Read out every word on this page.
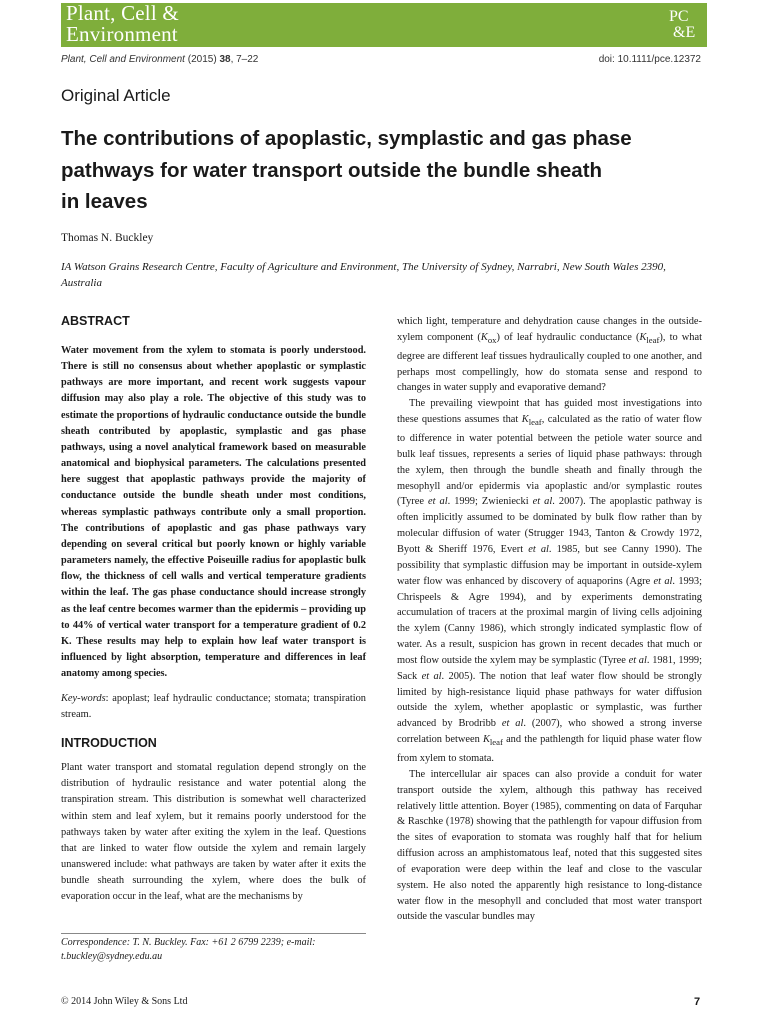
Plant, Cell &
Environment
PC
&E
Plant, Cell and Environment (2015) 38, 7–22	doi: 10.1111/pce.12372
Original Article
The contributions of apoplastic, symplastic and gas phase
pathways for water transport outside the bundle sheath
in leaves
Thomas N. Buckley
IA Watson Grains Research Centre, Faculty of Agriculture and Environment, The University of Sydney, Narrabri, New South Wales 2390, Australia
ABSTRACT
Water movement from the xylem to stomata is poorly understood. There is still no consensus about whether apoplastic or symplastic pathways are more important, and recent work suggests vapour diffusion may also play a role. The objective of this study was to estimate the proportions of hydraulic conductance outside the bundle sheath contributed by apoplastic, symplastic and gas phase pathways, using a novel analytical framework based on measurable anatomical and biophysical parameters. The calculations presented here suggest that apoplastic pathways provide the majority of conductance outside the bundle sheath under most conditions, whereas symplastic pathways contribute only a small proportion. The contributions of apoplastic and gas phase pathways vary depending on several critical but poorly known or highly variable parameters namely, the effective Poiseuille radius for apoplastic bulk flow, the thickness of cell walls and vertical temperature gradients within the leaf. The gas phase conductance should increase strongly as the leaf centre becomes warmer than the epidermis – providing up to 44% of vertical water transport for a temperature gradient of 0.2 K. These results may help to explain how leaf water transport is influenced by light absorption, temperature and differences in leaf anatomy among species.
Key-words: apoplast; leaf hydraulic conductance; stomata; transpiration stream.
INTRODUCTION
Plant water transport and stomatal regulation depend strongly on the distribution of hydraulic resistance and water potential along the transpiration stream. This distribution is somewhat well characterized within stem and leaf xylem, but it remains poorly understood for the pathways taken by water after exiting the xylem in the leaf. Questions that are linked to water flow outside the xylem and remain largely unanswered include: what pathways are taken by water after it exits the bundle sheath surrounding the xylem, where does the bulk of evaporation occur in the leaf, what are the mechanisms by
Correspondence: T. N. Buckley. Fax: +61 2 6799 2239; e-mail: t.buckley@sydney.edu.au

which light, temperature and dehydration cause changes in the outside-xylem component $(K_{ox})$ of leaf hydraulic conductance $(K_{leaf})$, to what degree are different leaf tissues hydraulically coupled to one another, and perhaps most compellingly, how do stomata sense and respond to changes in water supply and evaporative demand?

The prevailing viewpoint that has guided most investigations into these questions assumes that $K_{leaf}$, calculated as the ratio of water flow to difference in water potential between the petiole water source and bulk leaf tissues, represents a series of liquid phase pathways: through the xylem, then through the bundle sheath and finally through the mesophyll and/or epidermis via apoplastic and/or symplastic routes (Tyree et al. 1999; Zwieniecki et al. 2007). The apoplastic pathway is often implicitly assumed to be dominated by bulk flow rather than by molecular diffusion of water (Strugger 1943, Tanton & Crowdy 1972, Byott & Sheriff 1976, Evert et al. 1985, but see Canny 1990). The possibility that symplastic diffusion may be important in outside-xylem water flow was enhanced by discovery of aquaporins (Agre et al. 1993; Chrispeels & Agre 1994), and by experiments demonstrating accumulation of tracers at the proximal margin of living cells adjoining the xylem (Canny 1986), which strongly indicated symplastic flow of water. As a result, suspicion has grown in recent decades that much or most flow outside the xylem may be symplastic (Tyree et al. 1981, 1999; Sack et al. 2005). The notion that leaf water flow should be strongly limited by high-resistance liquid phase pathways for water diffusion outside the xylem, whether apoplastic or symplastic, was further advanced by Brodribb et al. (2007), who showed a strong inverse correlation between $K_{leaf}$ and the pathlength for liquid phase water flow from xylem to stomata.

The intercellular air spaces can also provide a conduit for water transport outside the xylem, although this pathway has received relatively little attention. Boyer (1985), commenting on data of Farquhar & Raschke (1978) showing that the pathlength for vapour diffusion from the sites of evaporation to stomata was roughly half that for helium diffusion across an amphistomatous leaf, noted that this suggested sites of evaporation were deep within the leaf and close to the vascular system. He also noted the apparently high resistance to long-distance water flow in the mesophyll and concluded that most water transport outside the vascular bundles may

© 2014 John Wiley & Sons Ltd	7
